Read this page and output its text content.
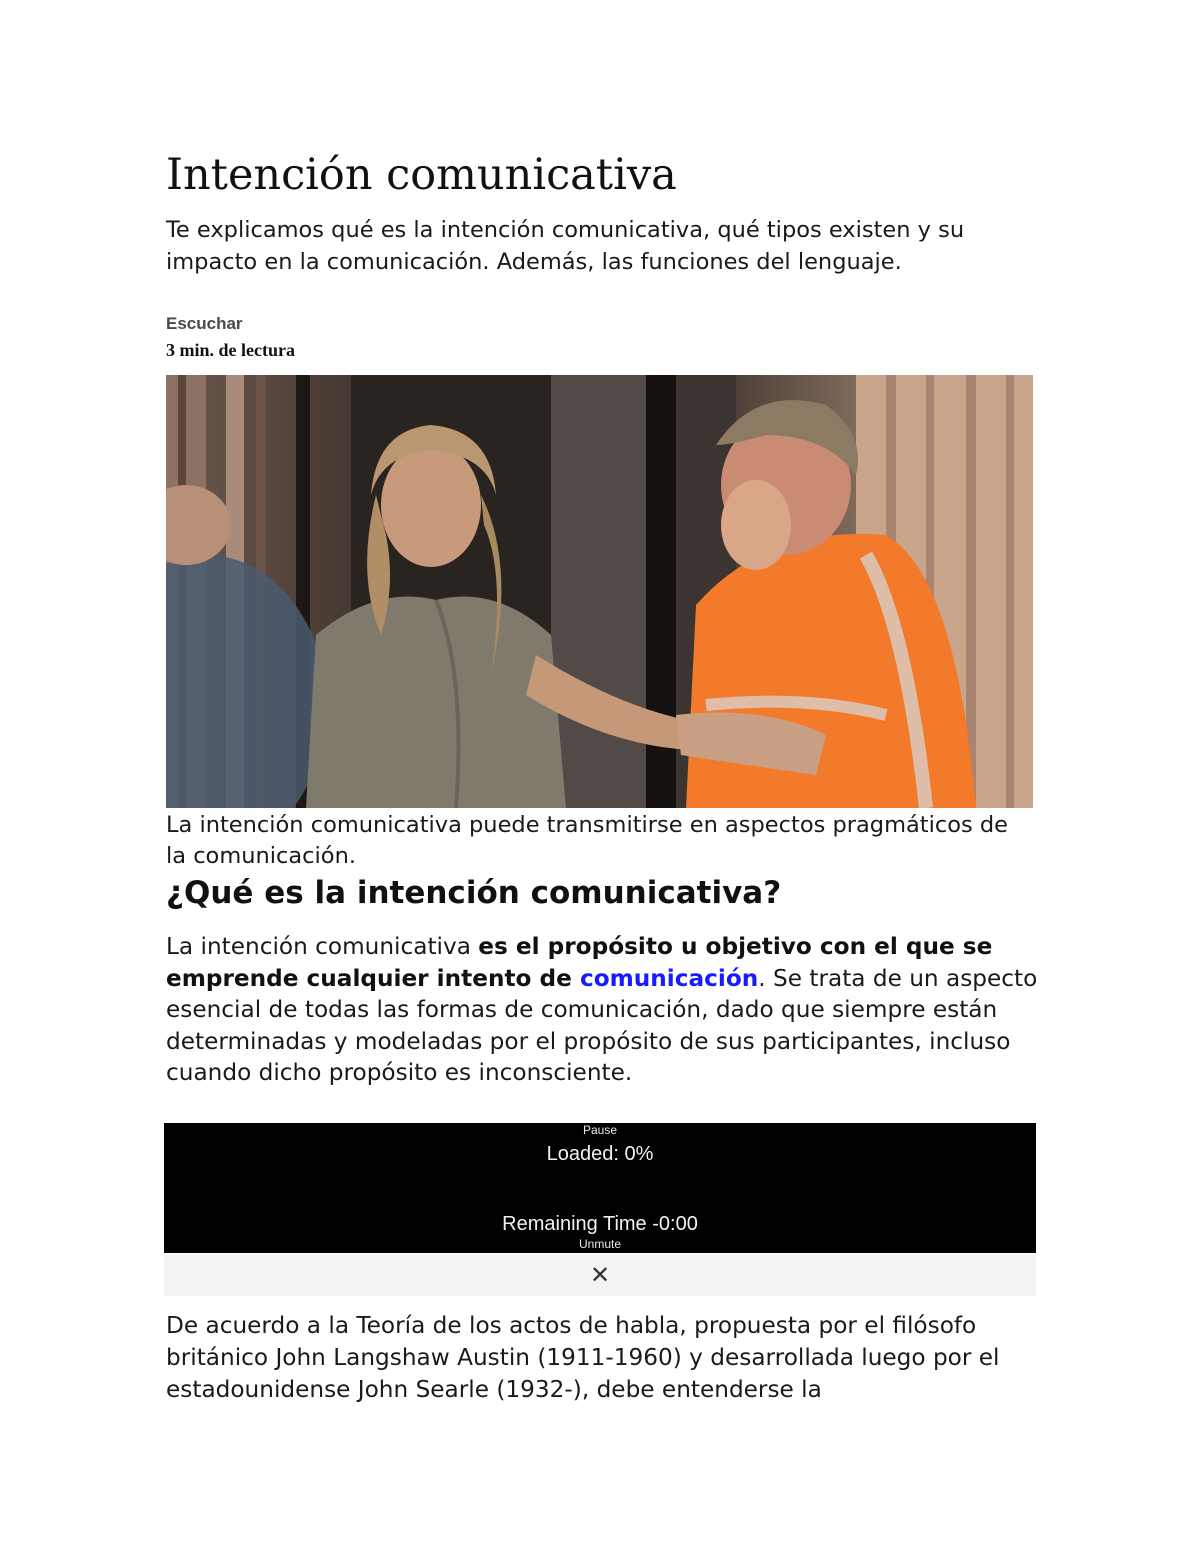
Intención comunicativa

Te explicamos qué es la intención comunicativa, qué tipos existen y su impacto en la comunicación. Además, las funciones del lenguaje.

Escuchar
3 min. de lectura

La intención comunicativa puede transmitirse en aspectos pragmáticos de la comunicación.

¿Qué es la intención comunicativa?

La intención comunicativa es el propósito u objetivo con el que se emprende cualquier intento de comunicación. Se trata de un aspecto esencial de todas las formas de comunicación, dado que siempre están determinadas y modeladas por el propósito de sus participantes, incluso cuando dicho propósito es inconsciente.

Pause
Loaded: 0%
Remaining Time -0:00
Unmute
✕

De acuerdo a la Teoría de los actos de habla, propuesta por el filósofo británico John Langshaw Austin (1911-1960) y desarrollada luego por el estadounidense John Searle (1932-), debe entenderse la
